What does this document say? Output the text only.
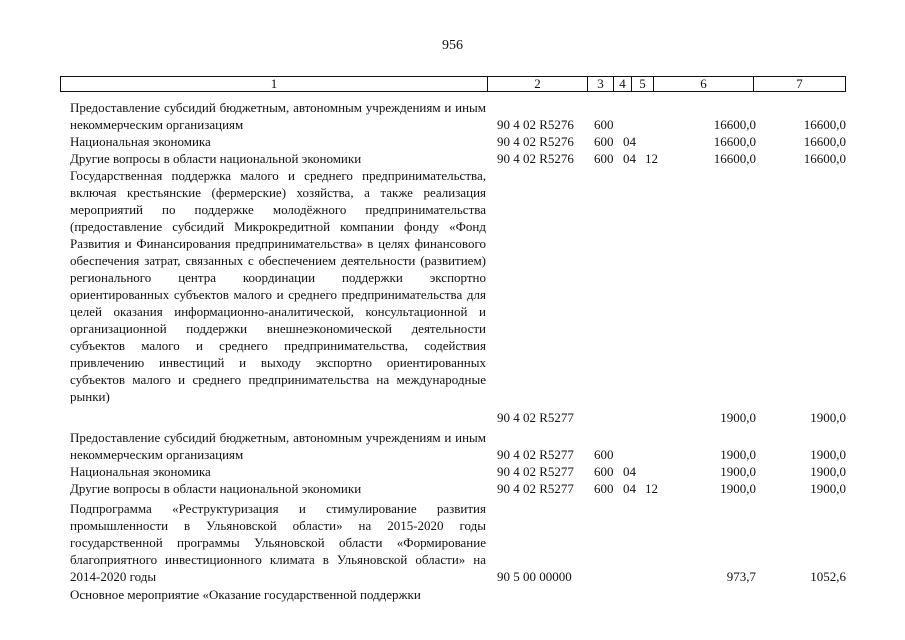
956
1	2	3	4	5	6	7
Предоставление субсидий бюджетным, автономным учреждениям и иным некоммерческим организациям	90 4 02 R5276	600	16600,0	16600,0
Национальная экономика	90 4 02 R5276	600 04	16600,0	16600,0
Другие вопросы в области национальной экономики	90 4 02 R5276	600 04 12	16600,0	16600,0
Государственная поддержка малого и среднего предпринимательства, включая крестьянские (фермерские) хозяйства, а также реализация мероприятий по поддержке молодёжного предпринимательства (предоставление субсидий Микрокредитной компании фонду «Фонд Развития и Финансирования предпринимательства» в целях финансового обеспечения затрат, связанных с обеспечением деятельности (развитием) регионального центра координации поддержки экспортно ориентированных субъектов малого и среднего предпринимательства для целей оказания информационно-аналитической, консультационной и организационной поддержки внешнеэкономической деятельности субъектов малого и среднего предпринимательства, содействия привлечению инвестиций и выходу экспортно ориентированных субъектов малого и среднего предпринимательства на международные рынки)
90 4 02 R5277	1900,0	1900,0
Предоставление субсидий бюджетным, автономным учреждениям и иным некоммерческим организациям	90 4 02 R5277	600	1900,0	1900,0
Национальная экономика	90 4 02 R5277	600 04	1900,0	1900,0
Другие вопросы в области национальной экономики	90 4 02 R5277	600 04 12	1900,0	1900,0
Подпрограмма «Реструктуризация и стимулирование развития промышленности в Ульяновской области» на 2015-2020 годы государственной программы Ульяновской области «Формирование благоприятного инвестиционного климата в Ульяновской области» на 2014-2020 годы	90 5 00 00000	973,7	1052,6
Основное мероприятие «Оказание государственной поддержки
